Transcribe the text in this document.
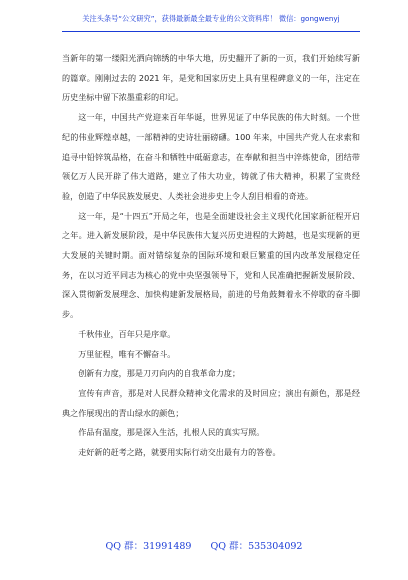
关注头条号“公文研究”，获得最新最全最专业的公文资料库！ 微信：gongwenyj

当新年的第一缕阳光洒向锦绣的中华大地，历史翻开了新的一页，我们开始续写新的篇章。刚刚过去的 2021 年，是党和国家历史上具有里程碑意义的一年，注定在历史坐标中留下浓墨重彩的印记。

这一年，中国共产党迎来百年华诞，世界见证了中华民族的伟大时刻。一个世纪的伟业辉煌卓越，一部精神的史诗壮丽磅礴。100 年来，中国共产党人在求索和追寻中铅锌筑品格，在奋斗和牺牲中砥砺意志，在奉献和担当中淬炼使命，团结带领亿万人民开辟了伟大道路，建立了伟大功业，铸就了伟大精神，积累了宝贵经验，创造了中华民族发展史、人类社会进步史上令人刮目相看的奇迹。

这一年，是“十四五”开局之年，也是全面建设社会主义现代化国家新征程开启之年。进入新发展阶段，是中华民族伟大复兴历史进程的大跨越，也是实现新的更大发展的关键时期。面对错综复杂的国际环境和艰巨繁重的国内改革发展稳定任务，在以习近平同志为核心的党中央坚强领导下，党和人民准确把握新发展阶段、深入贯彻新发展理念、加快构建新发展格局，前进的号角鼓舞着永不停歇的奋斗脚步。

千秋伟业，百年只是序章。

万里征程，唯有不懈奋斗。

创新有力度，那是刀刃向内的自我革命力度；

宣传有声音，那是对人民群众精神文化需求的及时回应；演出有颜色，那是经典之作展现出的青山绿水的颜色；

作品有温度，那是深入生活，扎根人民的真实写照。

走好新的赶考之路，就要用实际行动交出最有力的答卷。

QQ 群：31991489 QQ 群：535304092
